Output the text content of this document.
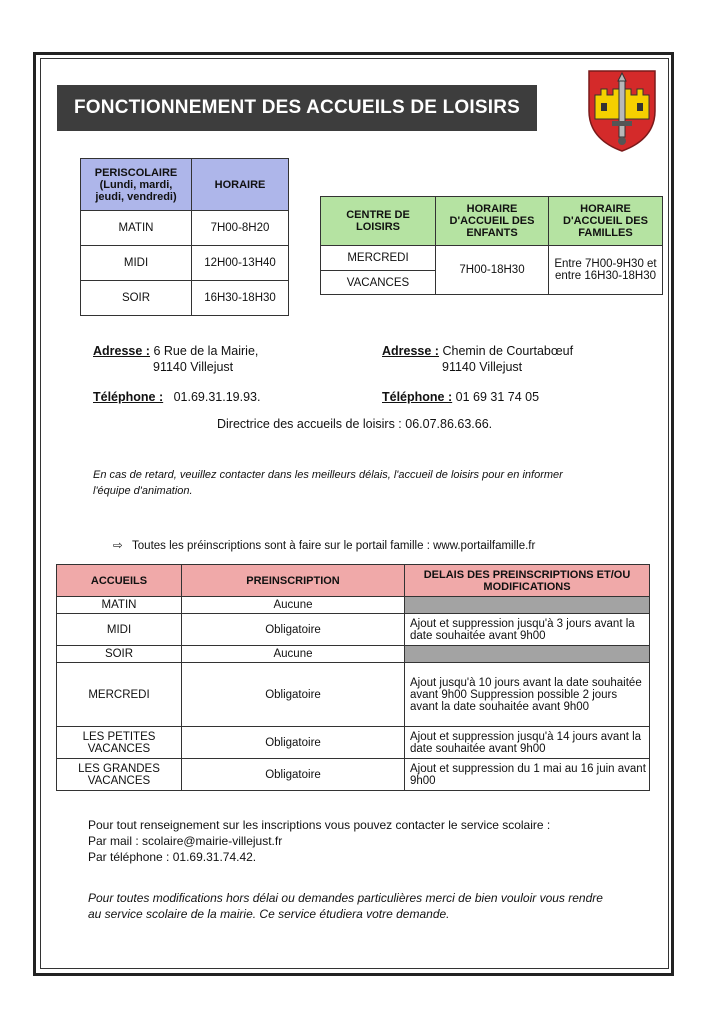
FONCTIONNEMENT DES ACCUEILS DE LOISIRS
PERISCOLAIRE (Lundi, mardi, jeudi, vendredi)	HORAIRE
MATIN	7H00-8H20
MIDI	12H00-13H40
SOIR	16H30-18H30
CENTRE DE LOISIRS	HORAIRE D'ACCUEIL DES ENFANTS	HORAIRE D'ACCUEIL DES FAMILLES
MERCREDI	7H00-18H30	Entre 7H00-9H30 et entre 16H30-18H30
VACANCES		
Adresse : 6 Rue de la Mairie,
91140 Villejust
Téléphone : 01.69.31.19.93.
Adresse : Chemin de Courtabœuf
91140 Villejust
Téléphone : 01 69 31 74 05
Directrice des accueils de loisirs : 06.07.86.63.66.
En cas de retard, veuillez contacter dans les meilleurs délais, l'accueil de loisirs pour en informer l'équipe d'animation.
⇨ Toutes les préinscriptions sont à faire sur le portail famille : www.portailfamille.fr
ACCUEILS	PREINSCRIPTION	DELAIS DES PREINSCRIPTIONS ET/OU MODIFICATIONS
MATIN	Aucune	
MIDI	Obligatoire	Ajout et suppression jusqu'à 3 jours avant la date souhaitée avant 9h00
SOIR	Aucune	
MERCREDI	Obligatoire	Ajout jusqu'à 10 jours avant la date souhaitée avant 9h00 Suppression possible 2 jours avant la date souhaitée avant 9h00
LES PETITES VACANCES	Obligatoire	Ajout et suppression jusqu'à 14 jours avant la date souhaitée avant 9h00
LES GRANDES VACANCES	Obligatoire	Ajout et suppression du 1 mai au 16 juin avant 9h00
Pour tout renseignement sur les inscriptions vous pouvez contacter le service scolaire :
Par mail : scolaire@mairie-villejust.fr
Par téléphone : 01.69.31.74.42.
Pour toutes modifications hors délai ou demandes particulières merci de bien vouloir vous rendre au service scolaire de la mairie. Ce service étudiera votre demande.
